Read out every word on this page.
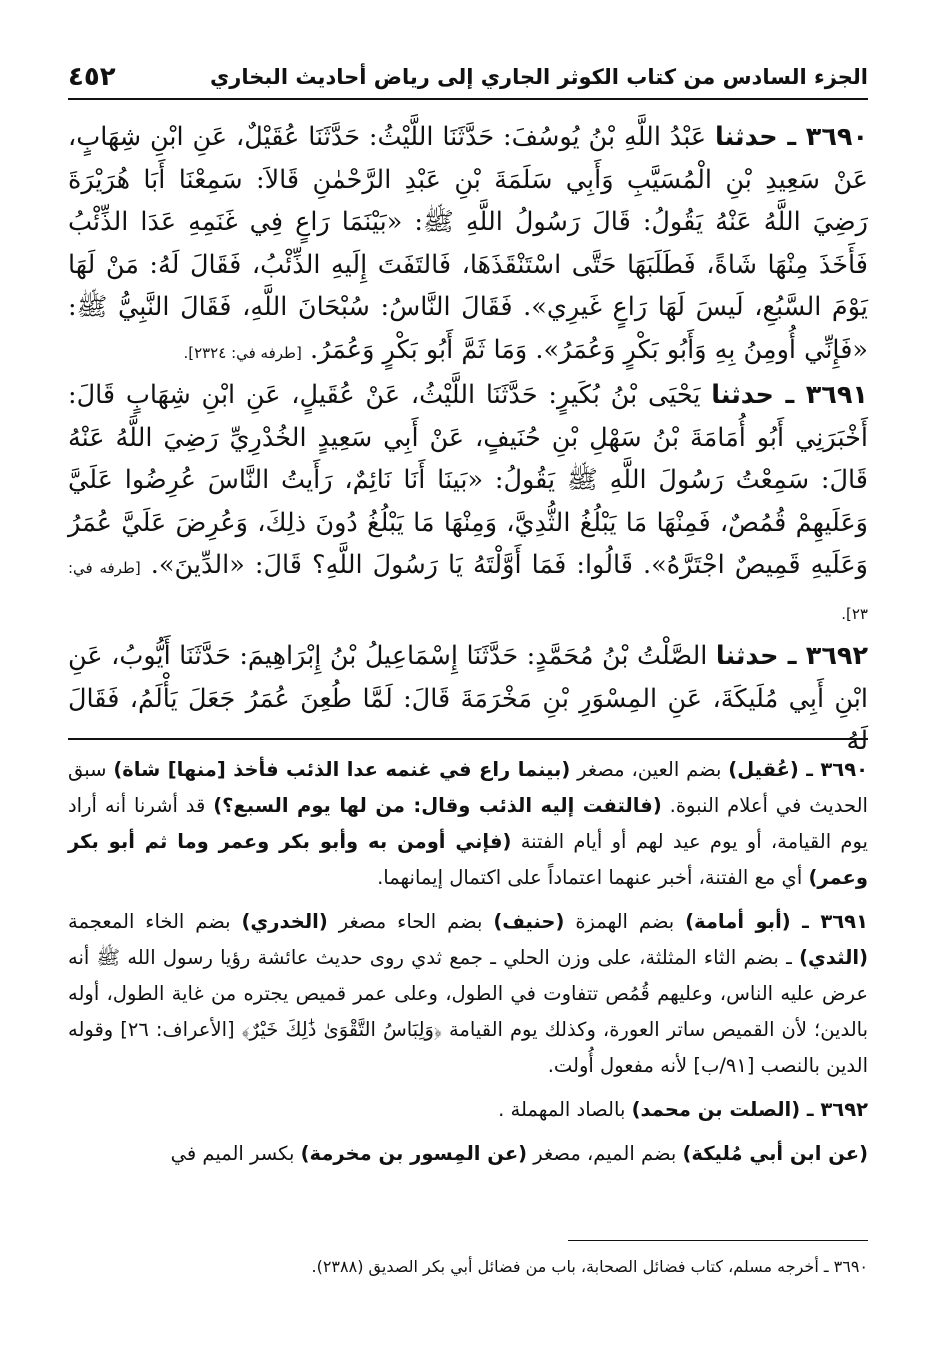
الجزء السادس من كتاب الكوثر الجاري إلى رياض أحاديث البخاري
٤٥٢

٣٦٩٠ ـ حدثنا عَبْدُ اللَّهِ بْنُ يُوسُفَ: حَدَّثَنَا اللَّيْثُ: حَدَّثَنَا عُقَيْلٌ، عَنِ ابْنِ شِهَابٍ، عَنْ سَعِيدِ بْنِ الْمُسَيَّبِ وَأَبِي سَلَمَةَ بْنِ عَبْدِ الرَّحْمٰنِ قَالاَ: سَمِعْنَا أَبَا هُرَيْرَةَ رَضِيَ اللَّهُ عَنْهُ يَقُولُ: قَالَ رَسُولُ اللَّهِ ﷺ: «بَيْنَمَا رَاعٍ فِي غَنَمِهِ عَدَا الذِّئْبُ فَأَخَذَ مِنْهَا شَاةً، فَطَلَبَهَا حَتَّى اسْتَنْقَذَهَا، فَالتَفَتَ إِلَيهِ الذِّئْبُ، فَقَالَ لَهُ: مَنْ لَهَا يَوْمَ السَّبُعِ، لَيسَ لَهَا رَاعٍ غَيرِي». فَقَالَ النَّاسُ: سُبْحَانَ اللَّهِ، فَقَالَ النَّبِيُّ ﷺ: «فَإِنِّي أُومِنُ بِهِ وَأَبُو بَكْرٍ وَعُمَرُ». وَمَا ثَمَّ أَبُو بَكْرٍ وَعُمَرُ. [طرفه في: ٢٣٢٤].

٣٦٩١ ـ حدثنا يَحْيَى بْنُ بُكَيرٍ: حَدَّثَنَا اللَّيْثُ، عَنْ عُقَيلٍ، عَنِ ابْنِ شِهَابٍ قَالَ: أَخْبَرَنِي أَبُو أُمَامَةَ بْنُ سَهْلِ بْنِ حُنَيفٍ، عَنْ أَبِي سَعِيدٍ الخُدْرِيِّ رَضِيَ اللَّهُ عَنْهُ قَالَ: سَمِعْتُ رَسُولَ اللَّهِ ﷺ يَقُولُ: «بَينَا أَنَا نَائِمٌ، رَأَيتُ النَّاسَ عُرِضُوا عَلَيَّ وَعَلَيهِمْ قُمُصٌ، فَمِنْهَا مَا يَبْلُغُ الثُّدِيَّ، وَمِنْهَا مَا يَبْلُغُ دُونَ ذلِكَ، وَعُرِضَ عَلَيَّ عُمَرُ وَعَلَيهِ قَمِيصٌ اجْتَرَّهُ». قَالُوا: فَمَا أَوَّلْتَهُ يَا رَسُولَ اللَّهِ؟ قَالَ: «الدِّينَ». [طرفه في: ٢٣].

٣٦٩٢ ـ حدثنا الصَّلْتُ بْنُ مُحَمَّدٍ: حَدَّثَنَا إِسْمَاعِيلُ بْنُ إِبْرَاهِيمَ: حَدَّثَنَا أَيُّوبُ، عَنِ ابْنِ أَبِي مُلَيكَةَ، عَنِ المِسْوَرِ بْنِ مَخْرَمَةَ قَالَ: لَمَّا طُعِنَ عُمَرُ جَعَلَ يَأْلَمُ، فَقَالَ لَهُ

٣٦٩٠ ـ (عُقيل) بضم العين، مصغر (بينما راع في غنمه عدا الذئب فأخذ [منها] شاة) سبق الحديث في أعلام النبوة. (فالتفت إليه الذئب وقال: من لها يوم السبع؟) قد أشرنا أنه أراد يوم القيامة، أو يوم عيد لهم أو أيام الفتنة (فإني أومن به وأبو بكر وعمر وما ثم أبو بكر وعمر) أي مع الفتنة، أخبر عنهما اعتماداً على اكتمال إيمانهما.

٣٦٩١ ـ (أبو أمامة) بضم الهمزة (حنيف) بضم الحاء مصغر (الخدري) بضم الخاء المعجمة (الثدي) ـ بضم الثاء المثلثة، على وزن الحلي ـ جمع ثدي روى حديث عائشة رؤيا رسول الله ﷺ أنه عرض عليه الناس، وعليهم قُمُص تتفاوت في الطول، وعلى عمر قميص يجتره من غاية الطول، أوله بالدين؛ لأن القميص ساتر العورة، وكذلك يوم القيامة ﴿وَلِبَاسُ التَّقْوَىٰ ذَٰلِكَ خَيْرٌ﴾ [الأعراف: ٢٦] وقوله الدين بالنصب [٩١/ب] لأنه مفعول أُولت.

٣٦٩٢ ـ (الصلت بن محمد) بالصاد المهملة .

(عن ابن أبي مُليكة) بضم الميم، مصغر (عن المِسور بن مخرمة) بكسر الميم في

٣٦٩٠ ـ أخرجه مسلم، كتاب فضائل الصحابة، باب من فضائل أبي بكر الصديق (٢٣٨٨).
